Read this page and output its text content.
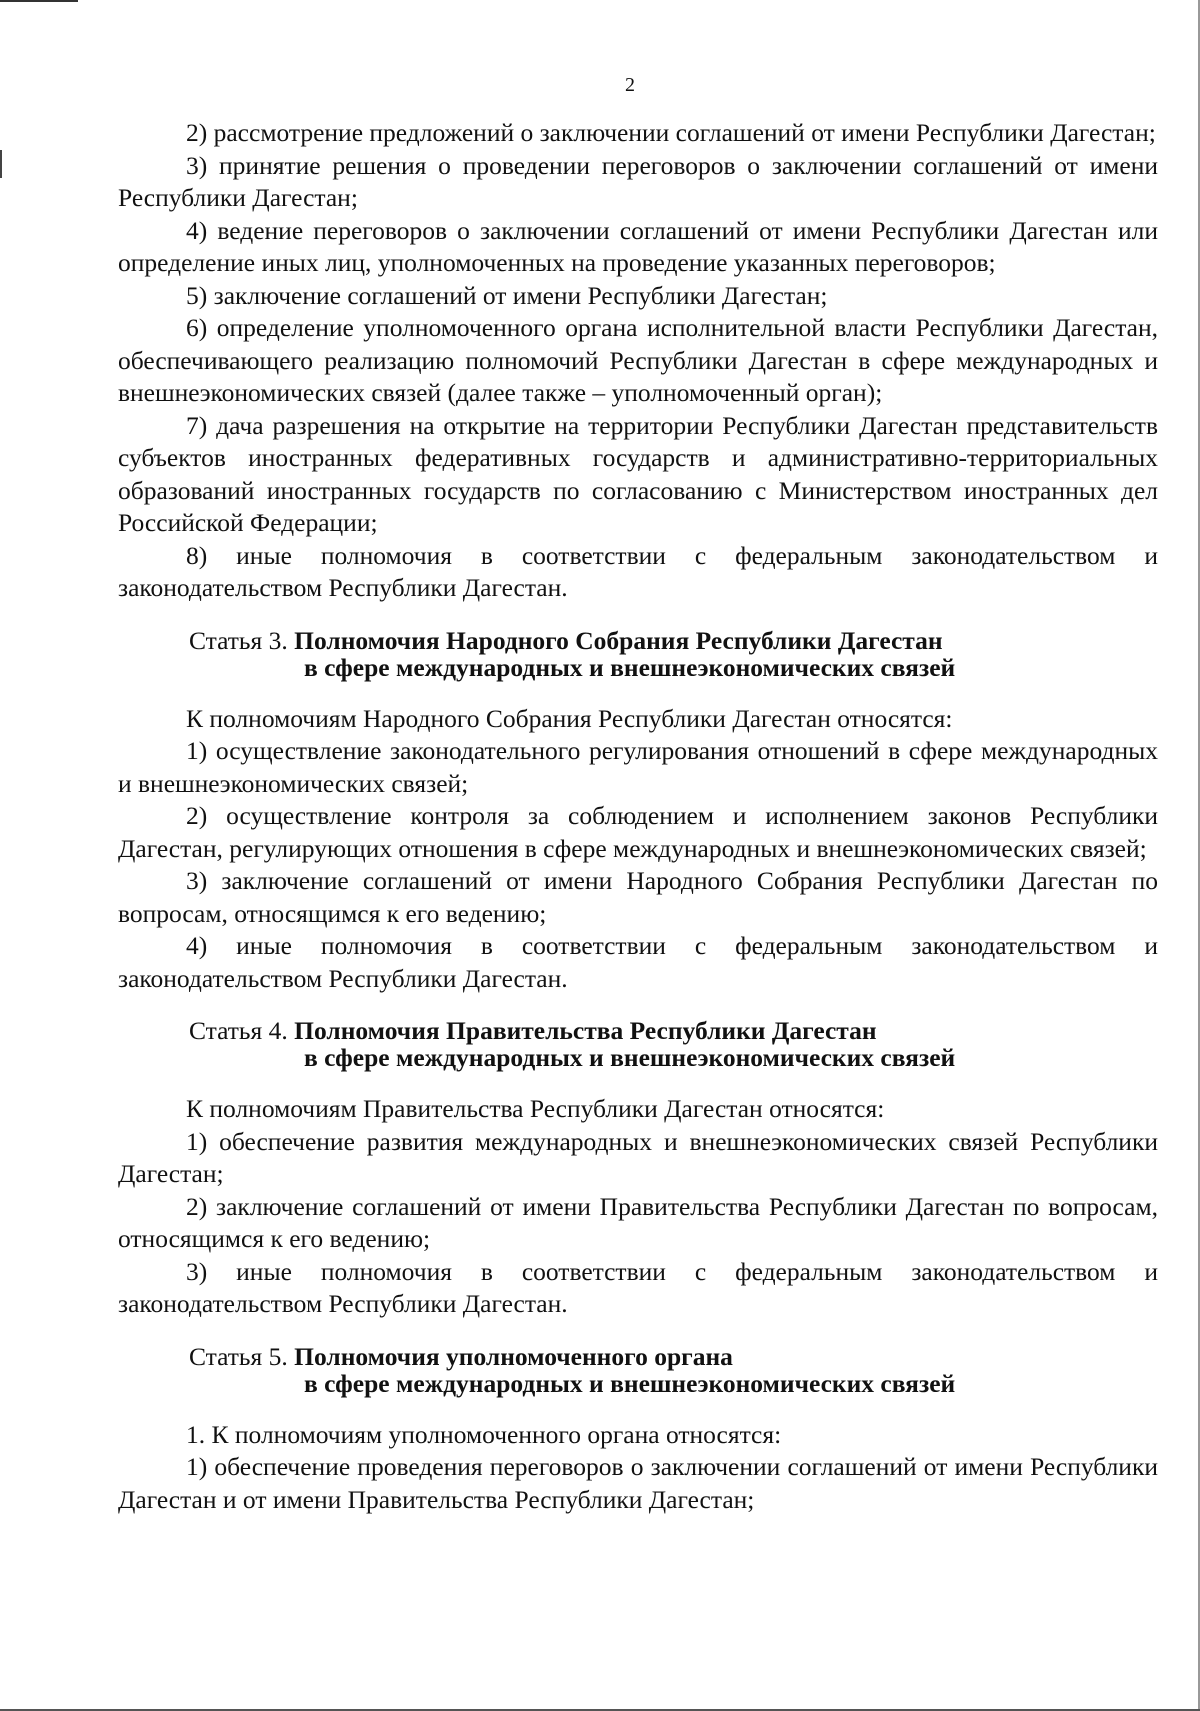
2

2) рассмотрение предложений о заключении соглашений от имени Республики Дагестан;

3) принятие решения о проведении переговоров о заключении соглашений от имени Республики Дагестан;

4) ведение переговоров о заключении соглашений от имени Республики Дагестан или определение иных лиц, уполномоченных на проведение указанных переговоров;

5) заключение соглашений от имени Республики Дагестан;

6) определение уполномоченного органа исполнительной власти Республики Дагестан, обеспечивающего реализацию полномочий Республики Дагестан в сфере международных и внешнеэкономических связей (далее также – уполномоченный орган);

7) дача разрешения на открытие на территории Республики Дагестан представительств субъектов иностранных федеративных государств и административно-территориальных образований иностранных государств по согласованию с Министерством иностранных дел Российской Федерации;

8) иные полномочия в соответствии с федеральным законодательством и законодательством Республики Дагестан.

Статья 3. Полномочия Народного Собрания Республики Дагестан
в сфере международных и внешнеэкономических связей

К полномочиям Народного Собрания Республики Дагестан относятся:

1) осуществление законодательного регулирования отношений в сфере международных и внешнеэкономических связей;

2) осуществление контроля за соблюдением и исполнением законов Республики Дагестан, регулирующих отношения в сфере международных и внешнеэкономических связей;

3) заключение соглашений от имени Народного Собрания Республики Дагестан по вопросам, относящимся к его ведению;

4) иные полномочия в соответствии с федеральным законодательством и законодательством Республики Дагестан.

Статья 4. Полномочия Правительства Республики Дагестан
в сфере международных и внешнеэкономических связей

К полномочиям Правительства Республики Дагестан относятся:

1) обеспечение развития международных и внешнеэкономических связей Республики Дагестан;

2) заключение соглашений от имени Правительства Республики Дагестан по вопросам, относящимся к его ведению;

3) иные полномочия в соответствии с федеральным законодательством и законодательством Республики Дагестан.

Статья 5. Полномочия уполномоченного органа
в сфере международных и внешнеэкономических связей

1. К полномочиям уполномоченного органа относятся:

1) обеспечение проведения переговоров о заключении соглашений от имени Республики Дагестан и от имени Правительства Республики Дагестан;
